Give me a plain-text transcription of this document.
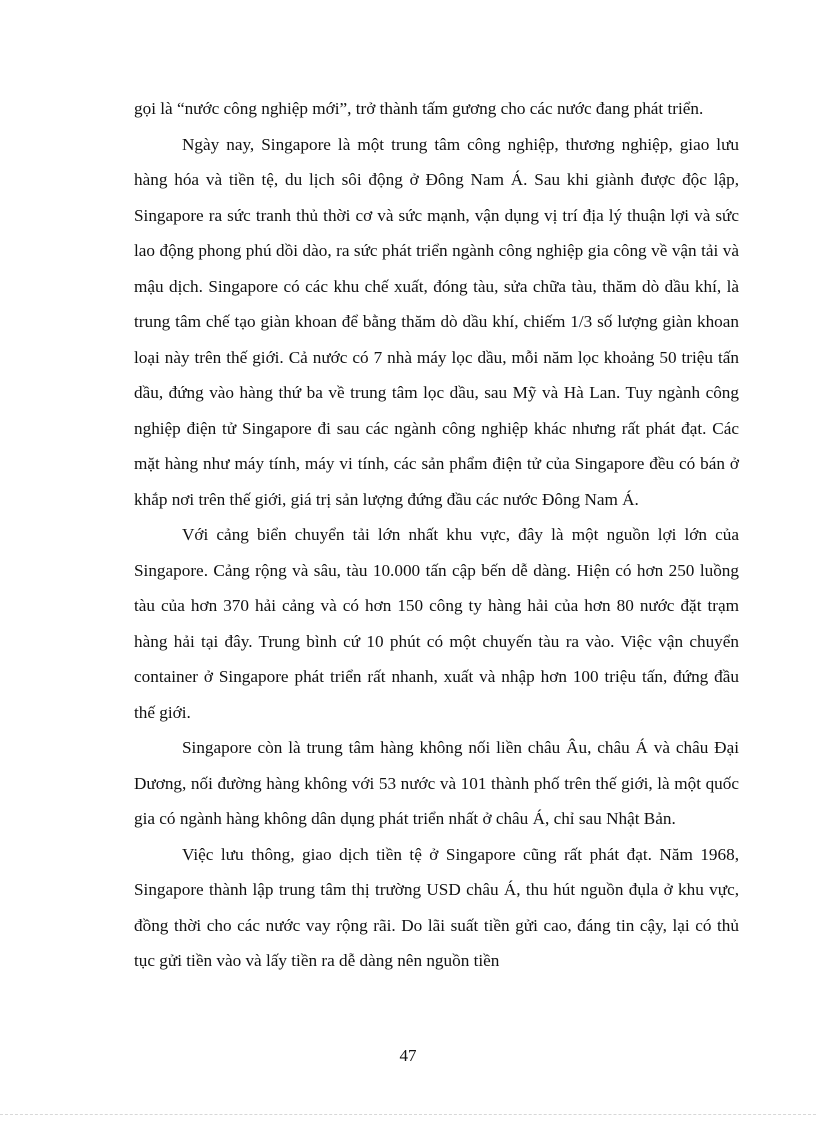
gọi là “nước công nghiệp mới”, trở thành tấm gương cho các nước đang phát triển.

Ngày nay, Singapore là một trung tâm công nghiệp, thương nghiệp, giao lưu hàng hóa và tiền tệ, du lịch sôi động ở Đông Nam Á. Sau khi giành được độc lập, Singapore ra sức tranh thủ thời cơ và sức mạnh, vận dụng vị trí địa lý thuận lợi và sức lao động phong phú dồi dào, ra sức phát triển ngành công nghiệp gia công về vận tải và mậu dịch. Singapore có các khu chế xuất, đóng tàu, sửa chữa tàu, thăm dò dầu khí, là trung tâm chế tạo giàn khoan để bằng thăm dò dầu khí, chiếm 1/3 số lượng giàn khoan loại này trên thế giới. Cả nước có 7 nhà máy lọc dầu, mỗi năm lọc khoảng 50 triệu tấn dầu, đứng vào hàng thứ ba về trung tâm lọc dầu, sau Mỹ và Hà Lan. Tuy ngành công nghiệp điện tử Singapore đi sau các ngành công nghiệp khác nhưng rất phát đạt. Các mặt hàng như máy tính, máy vi tính, các sản phẩm điện tử của Singapore đều có bán ở khắp nơi trên thế giới, giá trị sản lượng đứng đầu các nước Đông Nam Á.

Với cảng biển chuyển tải lớn nhất khu vực, đây là một nguồn lợi lớn của Singapore. Cảng rộng và sâu, tàu 10.000 tấn cập bến dễ dàng. Hiện có hơn 250 luồng tàu của hơn 370 hải cảng và có hơn 150 công ty hàng hải của hơn 80 nước đặt trạm hàng hải tại đây. Trung bình cứ 10 phút có một chuyến tàu ra vào. Việc vận chuyển container ở Singapore phát triển rất nhanh, xuất và nhập hơn 100 triệu tấn, đứng đầu thế giới.

Singapore còn là trung tâm hàng không nối liền châu Âu, châu Á và châu Đại Dương, nối đường hàng không với 53 nước và 101 thành phố trên thế giới, là một quốc gia có ngành hàng không dân dụng phát triển nhất ở châu Á, chỉ sau Nhật Bản.

Việc lưu thông, giao dịch tiền tệ ở Singapore cũng rất phát đạt. Năm 1968, Singapore thành lập trung tâm thị trường USD châu Á, thu hút nguồn đụla ở khu vực, đồng thời cho các nước vay rộng rãi. Do lãi suất tiền gửi cao, đáng tin cậy, lại có thủ tục gửi tiền vào và lấy tiền ra dễ dàng nên nguồn tiền

47
